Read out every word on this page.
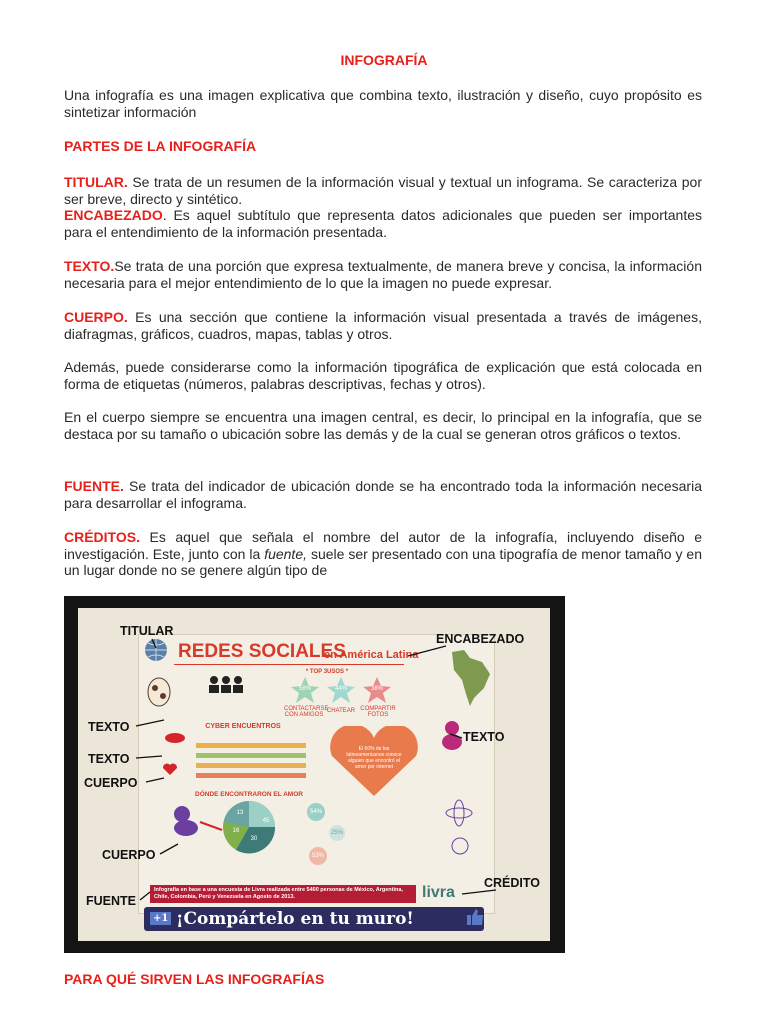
INFOGRAFÍA
Una infografía es una imagen explicativa que combina texto, ilustración y diseño, cuyo propósito es sintetizar información
PARTES DE LA INFOGRAFÍA
TITULAR. Se trata de un resumen de la información visual y textual un infograma. Se caracteriza por ser breve, directo y sintético.
ENCABEZADO. Es aquel subtítulo que representa datos adicionales que pueden ser importantes para el entendimiento de la información presentada.
TEXTO.Se trata de una porción que expresa textualmente, de manera breve y concisa, la información necesaria para el mejor entendimiento de lo que la imagen no puede expresar.
CUERPO. Es una sección que contiene la información visual presentada a través de imágenes, diafragmas, gráficos, cuadros, mapas, tablas y otros.
Además, puede considerarse como la información tipográfica de explicación que está colocada en forma de etiquetas (números, palabras descriptivas, fechas y otros).
En el cuerpo siempre se encuentra una imagen central, es decir, lo principal en la infografía, que se destaca por su tamaño o ubicación sobre las demás y de la cual se generan otros gráficos o textos.
FUENTE. Se trata del indicador de ubicación donde se ha encontrado toda la información necesaria para desarrollar el infograma.
CRÉDITOS. Es aquel que señala el nombre del autor de la infografía, incluyendo diseño e investigación. Este, junto con la fuente, suele ser presentado con una tipografía de menor tamaño y en un lugar donde no se genere algún tipo de
REDES SOCIALES
en América Latina
* TOP 3USOS *
58%	44%	38%
CONTACTARSE CON AMIGOS
CHATEAR COMPARTIR FOTOS
CYBER ENCUENTROS
El 60% de los latinoamericanos conoce alguien que encontró el amor por internet
DÓNDE ENCONTRARON EL AMOR
13
16
30
45
54%
25%
53%
Infografía en base a una encuesta de Livra realizada entre 5400 personas de México, Argentina, Chile, Colombia, Perú y Venezuela en Agosto de 2013.	livra
+1 ¡Compártelo en tu muro!
TITULAR
ENCABEZADO
TEXTO
TEXTO
TEXTO
CUERPO
CUERPO
FUENTE
CRÉDITO
PARA QUÉ SIRVEN LAS INFOGRAFÍAS
